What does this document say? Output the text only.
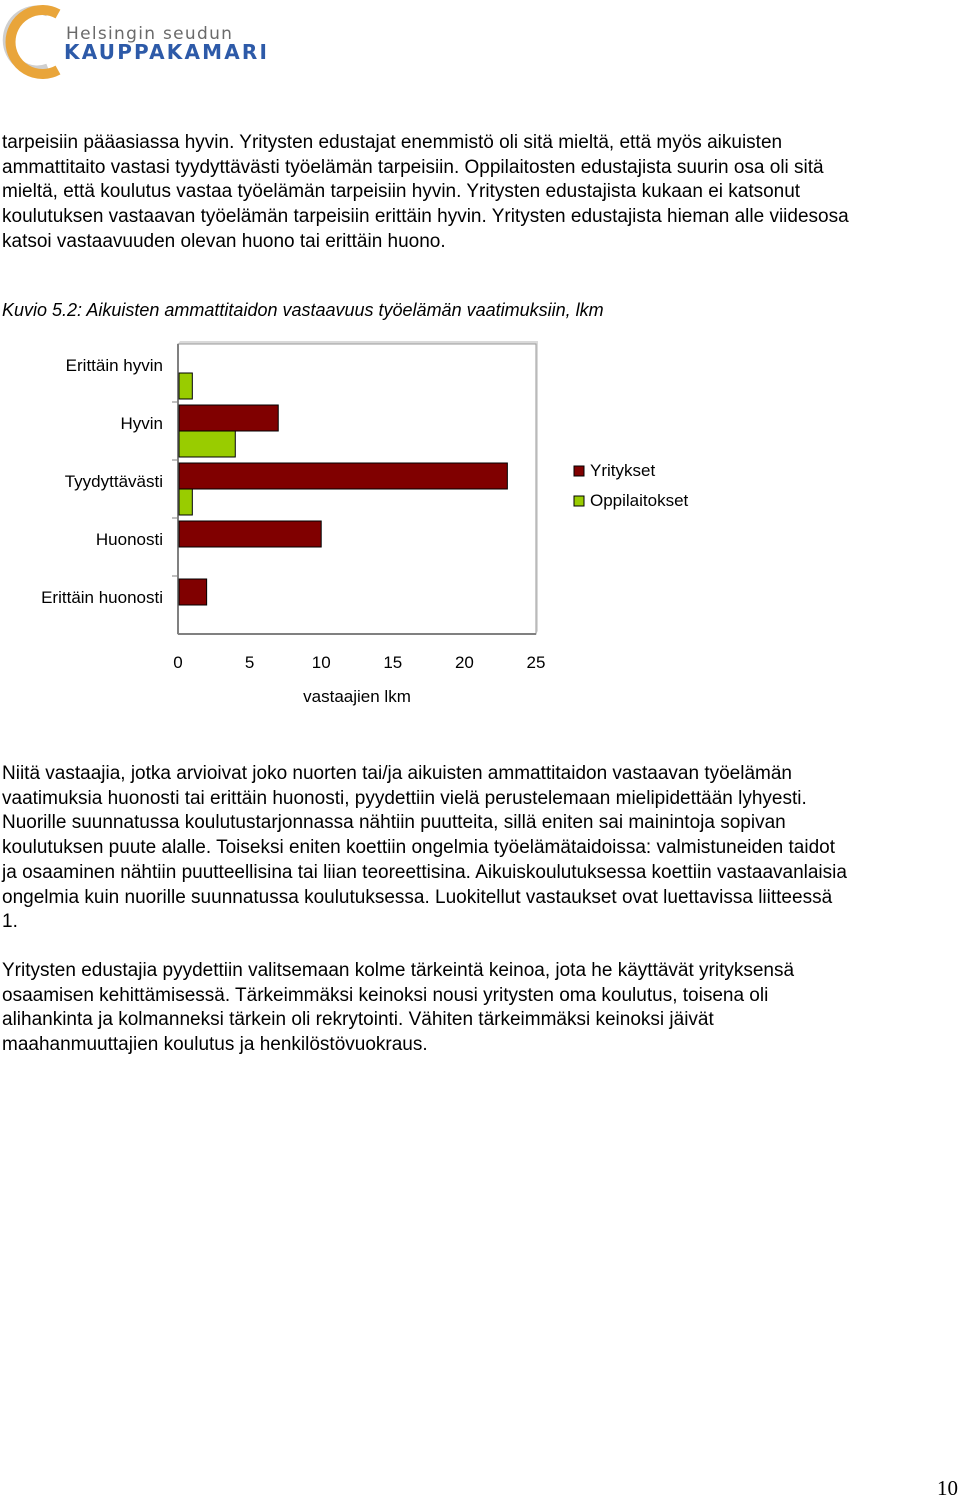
Helsingin seudun
KAUPPAKAMARI
tarpeisiin pääasiassa hyvin. Yritysten edustajat enemmistö oli sitä mieltä, että myös aikuisten
ammattitaito vastasi tyydyttävästi työelämän tarpeisiin. Oppilaitosten edustajista suurin osa oli sitä
mieltä, että koulutus vastaa työelämän tarpeisiin hyvin. Yritysten edustajista kukaan ei katsonut
koulutuksen vastaavan työelämän tarpeisiin erittäin hyvin. Yritysten edustajista hieman alle viidesosa
katsoi vastaavuuden olevan huono tai erittäin huono.
Kuvio 5.2: Aikuisten ammattitaidon vastaavuus työelämän vaatimuksiin, lkm
Erittäin hyvin
Hyvin
Tyydyttävästi
Huonosti
Erittäin huonosti
0	5	10	15	20	25
vastaajien lkm
Yritykset
Oppilaitokset
Niitä vastaajia, jotka arvioivat joko nuorten tai/ja aikuisten ammattitaidon vastaavan työelämän
vaatimuksia huonosti tai erittäin huonosti, pyydettiin vielä perustelemaan mielipidettään lyhyesti.
Nuorille suunnatussa koulutustarjonnassa nähtiin puutteita, sillä eniten sai mainintoja sopivan
koulutuksen puute alalle. Toiseksi eniten koettiin ongelmia työelämätaidoissa: valmistuneiden taidot
ja osaaminen nähtiin puutteellisina tai liian teoreettisina. Aikuiskoulutuksessa koettiin vastaavanlaisia
ongelmia kuin nuorille suunnatussa koulutuksessa. Luokitellut vastaukset ovat luettavissa liitteessä
1.
Yritysten edustajia pyydettiin valitsemaan kolme tärkeintä keinoa, jota he käyttävät yrityksensä
osaamisen kehittämisessä. Tärkeimmäksi keinoksi nousi yritysten oma koulutus, toisena oli
alihankinta ja kolmanneksi tärkein oli rekrytointi. Vähiten tärkeimmäksi keinoksi jäivät
maahanmuuttajien koulutus ja henkilöstövuokraus.
10
